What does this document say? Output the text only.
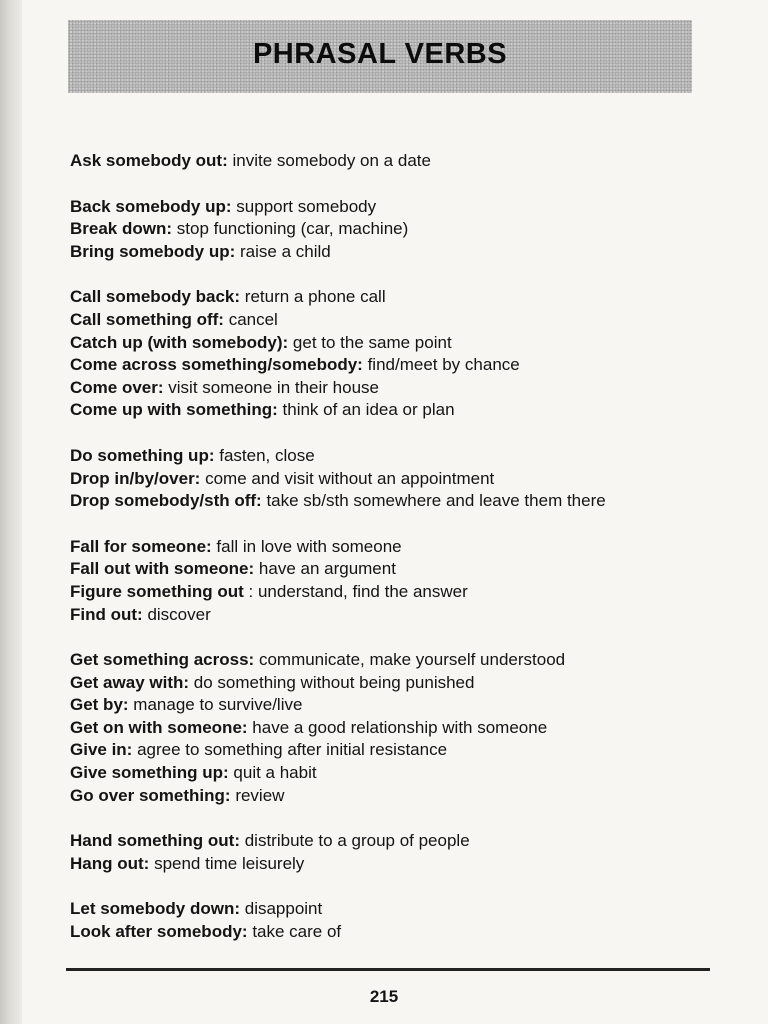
PHRASAL VERBS
Ask somebody out: invite somebody on a date
Back somebody up: support somebody
Break down: stop functioning (car, machine)
Bring somebody up: raise a child
Call somebody back: return a phone call
Call something off: cancel
Catch up (with somebody): get to the same point
Come across something/somebody: find/meet by chance
Come over: visit someone in their house
Come up with something: think of an idea or plan
Do something up: fasten, close
Drop in/by/over: come and visit without an appointment
Drop somebody/sth off: take sb/sth somewhere and leave them there
Fall for someone: fall in love with someone
Fall out with someone: have an argument
Figure something out : understand, find the answer
Find out: discover
Get something across: communicate, make yourself understood
Get away with: do something without being punished
Get by: manage to survive/live
Get on with someone: have a good relationship with someone
Give in: agree to something after initial resistance
Give something up: quit a habit
Go over something: review
Hand something out: distribute to a group of people
Hang out: spend time leisurely
Let somebody down: disappoint
Look after somebody: take care of
215
